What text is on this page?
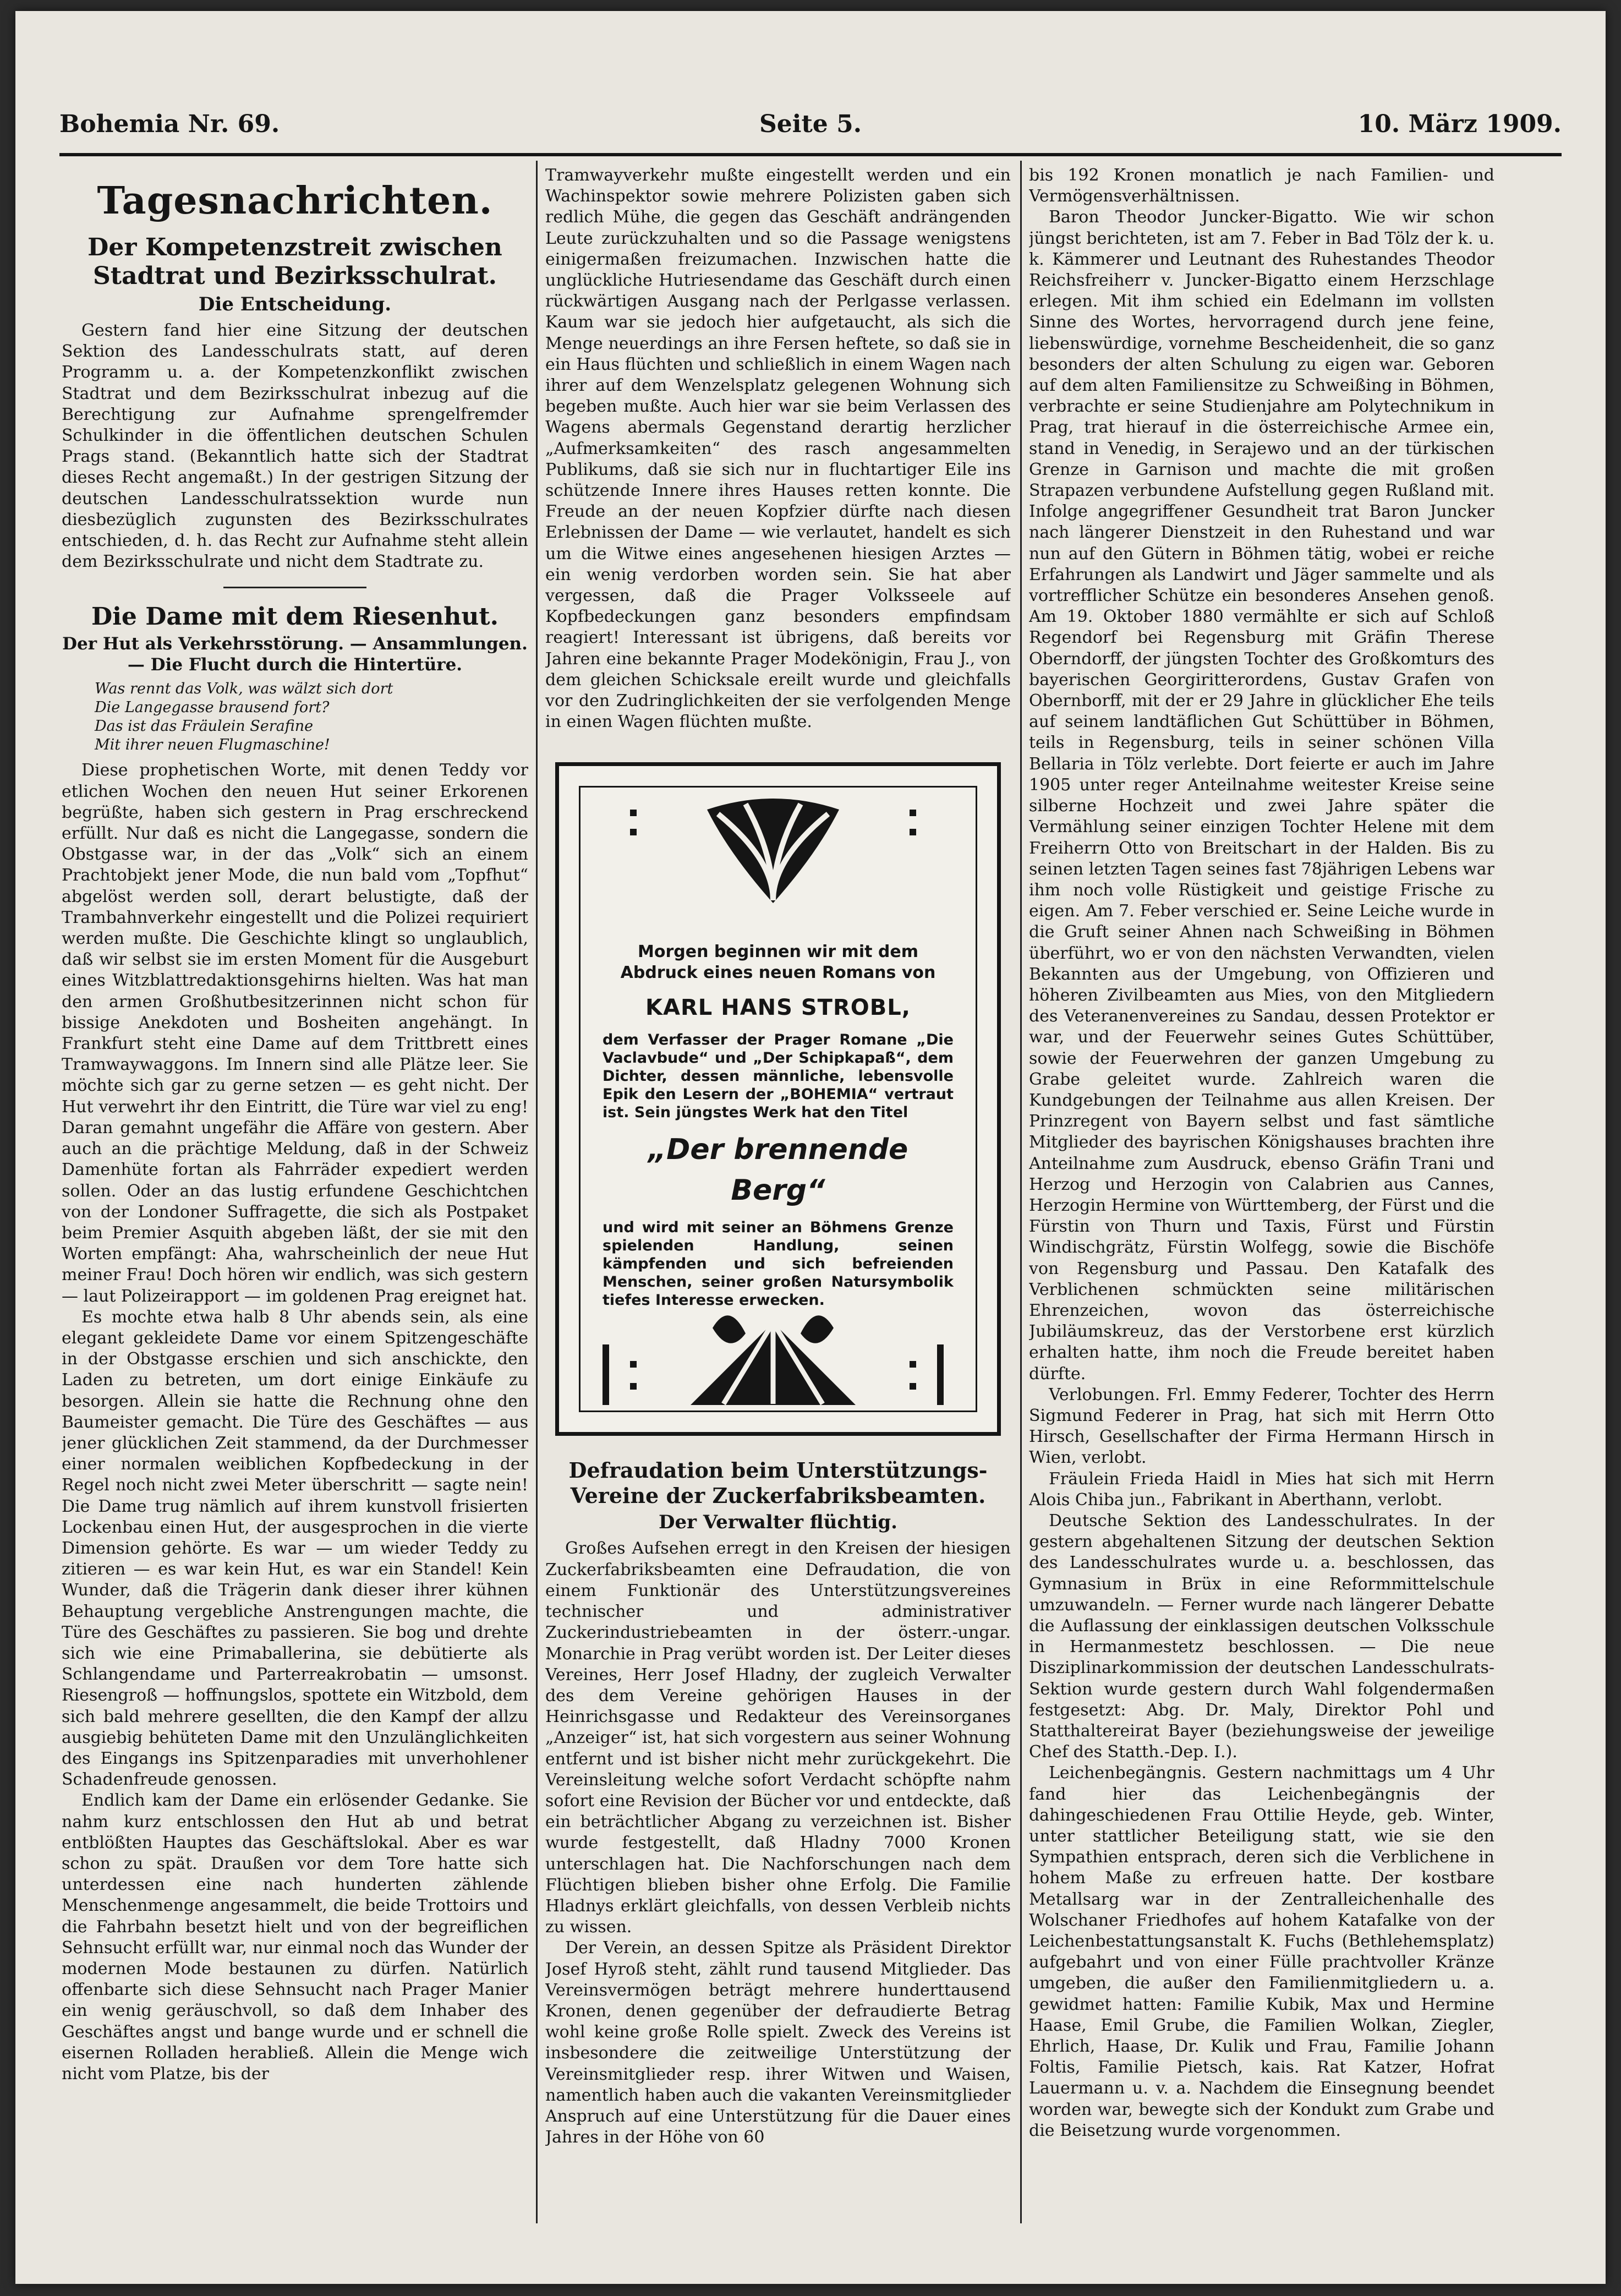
Bohemia Nr. 69.	Seite 5.	10. März 1909.
Tagesnachrichten.
Der Kompetenzstreit zwischen Stadtrat und Bezirksschulrat.
Die Entscheidung.

Gestern fand hier eine Sitzung der deutschen Sektion des Landesschulrats statt, auf deren Programm u. a. der Kompetenzkonflikt zwischen Stadtrat und dem Bezirksschulrat inbezug auf die Berechtigung zur Aufnahme sprengelfremder Schulkinder in die öffentlichen deutschen Schulen Prags stand. (Bekanntlich hatte sich der Stadtrat dieses Recht angemaßt.) In der gestrigen Sitzung der deutschen Landesschulratssektion wurde nun diesbezüglich zugunsten des Bezirksschulrates entschieden, d. h. das Recht zur Aufnahme steht allein dem Bezirksschulrate und nicht dem Stadtrate zu.

Die Dame mit dem Riesenhut.
Der Hut als Verkehrsstörung. — Ansammlungen. — Die Flucht durch die Hintertüre.
Was rennt das Volk, was wälzt sich dort
Die Langegasse brausend fort?
Das ist das Fräulein Serafine
Mit ihrer neuen Flugmaschine!

Diese prophetischen Worte, mit denen Teddy vor etlichen Wochen den neuen Hut seiner Erkorenen begrüßte, haben sich gestern in Prag erschreckend erfüllt. Nur daß es nicht die Langegasse, sondern die Obstgasse war, in der das „Volk“ sich an einem Prachtobjekt jener Mode, die nun bald vom „Topfhut“ abgelöst werden soll, derart belustigte, daß der Trambahnverkehr eingestellt und die Polizei requiriert werden mußte. Die Geschichte klingt so unglaublich, daß wir selbst sie im ersten Moment für die Ausgeburt eines Witzblattredaktionsgehirns hielten. Was hat man den armen Großhutbesitzerinnen nicht schon für bissige Anekdoten und Bosheiten angehängt. In Frankfurt steht eine Dame auf dem Trittbrett eines Tramwaywaggons. Im Innern sind alle Plätze leer. Sie möchte sich gar zu gerne setzen — es geht nicht. Der Hut verwehrt ihr den Eintritt, die Türe war viel zu eng! Daran gemahnt ungefähr die Affäre von gestern. Aber auch an die prächtige Meldung, daß in der Schweiz Damenhüte fortan als Fahrräder expediert werden sollen. Oder an das lustig erfundene Geschichtchen von der Londoner Suffragette, die sich als Postpaket beim Premier Asquith abgeben läßt, der sie mit den Worten empfängt: Aha, wahrscheinlich der neue Hut meiner Frau! Doch hören wir endlich, was sich gestern — laut Polizeirapport — im goldenen Prag ereignet hat.

Es mochte etwa halb 8 Uhr abends sein, als eine elegant gekleidete Dame vor einem Spitzengeschäfte in der Obstgasse erschien und sich anschickte, den Laden zu betreten, um dort einige Einkäufe zu besorgen. Allein sie hatte die Rechnung ohne den Baumeister gemacht. Die Türe des Geschäftes — aus jener glücklichen Zeit stammend, da der Durchmesser einer normalen weiblichen Kopfbedeckung in der Regel noch nicht zwei Meter überschritt — sagte nein! Die Dame trug nämlich auf ihrem kunstvoll frisierten Lockenbau einen Hut, der ausgesprochen in die vierte Dimension gehörte. Es war — um wieder Teddy zu zitieren — es war kein Hut, es war ein Standel! Kein Wunder, daß die Trägerin dank dieser ihrer kühnen Behauptung vergebliche Anstrengungen machte, die Türe des Geschäftes zu passieren. Sie bog und drehte sich wie eine Primaballerina, sie debütierte als Schlangendame und Parterreakrobatin — umsonst. Riesengroß — hoffnungslos, spottete ein Witzbold, dem sich bald mehrere gesellten, die den Kampf der allzu ausgiebig behüteten Dame mit den Unzulänglichkeiten des Eingangs ins Spitzenparadies mit unverhohlener Schadenfreude genossen.

Endlich kam der Dame ein erlösender Gedanke. Sie nahm kurz entschlossen den Hut ab und betrat entblößten Hauptes das Geschäftslokal. Aber es war schon zu spät. Draußen vor dem Tore hatte sich unterdessen eine nach hunderten zählende Menschenmenge angesammelt, die beide Trottoirs und die Fahrbahn besetzt hielt und von der begreiflichen Sehnsucht erfüllt war, nur einmal noch das Wunder der modernen Mode bestaunen zu dürfen. Natürlich offenbarte sich diese Sehnsucht nach Prager Manier ein wenig geräuschvoll, so daß dem Inhaber des Geschäftes angst und bange wurde und er schnell die eisernen Rolladen herabließ. Allein die Menge wich nicht vom Platze, bis der

Tramwayverkehr mußte eingestellt werden und ein Wachinspektor sowie mehrere Polizisten gaben sich redlich Mühe, die gegen das Geschäft andrängenden Leute zurückzuhalten und so die Passage wenigstens einigermaßen freizumachen. Inzwischen hatte die unglückliche Hutriesendame das Geschäft durch einen rückwärtigen Ausgang nach der Perlgasse verlassen. Kaum war sie jedoch hier aufgetaucht, als sich die Menge neuerdings an ihre Fersen heftete, so daß sie in ein Haus flüchten und schließlich in einem Wagen nach ihrer auf dem Wenzelsplatz gelegenen Wohnung sich begeben mußte. Auch hier war sie beim Verlassen des Wagens abermals Gegenstand derartig herzlicher „Aufmerksamkeiten“ des rasch angesammelten Publikums, daß sie sich nur in fluchtartiger Eile ins schützende Innere ihres Hauses retten konnte. Die Freude an der neuen Kopfzier dürfte nach diesen Erlebnissen der Dame — wie verlautet, handelt es sich um die Witwe eines angesehenen hiesigen Arztes — ein wenig verdorben worden sein. Sie hat aber vergessen, daß die Prager Volksseele auf Kopfbedeckungen ganz besonders empfindsam reagiert! Interessant ist übrigens, daß bereits vor Jahren eine bekannte Prager Modekönigin, Frau J., von dem gleichen Schicksale ereilt wurde und gleichfalls vor den Zudringlichkeiten der sie verfolgenden Menge in einen Wagen flüchten mußte.

Morgen beginnen wir mit dem Abdruck eines neuen Romans von
KARL HANS STROBL,
dem Verfasser der Prager Romane „Die Vaclavbude“ und „Der Schipkapaß“, dem Dichter, dessen männliche, lebensvolle Epik den Lesern der „BOHEMIA“ vertraut ist. Sein jüngstes Werk hat den Titel
„Der brennende Berg“
und wird mit seiner an Böhmens Grenze spielenden Handlung, seinen kämpfenden und sich befreienden Menschen, seiner großen Natursymbolik tiefes Interesse erwecken.
Defraudation beim Unterstützungs-Vereine der Zuckerfabriksbeamten.
Der Verwalter flüchtig.

Großes Aufsehen erregt in den Kreisen der hiesigen Zuckerfabriksbeamten eine Defraudation, die von einem Funktionär des Unterstützungsvereines technischer und administrativer Zuckerindustriebeamten in der österr.-ungar. Monarchie in Prag verübt worden ist. Der Leiter dieses Vereines, Herr Josef Hladny, der zugleich Verwalter des dem Vereine gehörigen Hauses in der Heinrichsgasse und Redakteur des Vereinsorganes „Anzeiger“ ist, hat sich vorgestern aus seiner Wohnung entfernt und ist bisher nicht mehr zurückgekehrt. Die Vereinsleitung welche sofort Verdacht schöpfte nahm sofort eine Revision der Bücher vor und entdeckte, daß ein beträchtlicher Abgang zu verzeichnen ist. Bisher wurde festgestellt, daß Hladny 7000 Kronen unterschlagen hat. Die Nachforschungen nach dem Flüchtigen blieben bisher ohne Erfolg. Die Familie Hladnys erklärt gleichfalls, von dessen Verbleib nichts zu wissen.

Der Verein, an dessen Spitze als Präsident Direktor Josef Hyroß steht, zählt rund tausend Mitglieder. Das Vereinsvermögen beträgt mehrere hunderttausend Kronen, denen gegenüber der defraudierte Betrag wohl keine große Rolle spielt. Zweck des Vereins ist insbesondere die zeitweilige Unterstützung der Vereinsmitglieder resp. ihrer Witwen und Waisen, namentlich haben auch die vakanten Vereinsmitglieder Anspruch auf eine Unterstützung für die Dauer eines Jahres in der Höhe von 60

bis 192 Kronen monatlich je nach Familien- und Vermögensverhältnissen.

Baron Theodor Juncker-Bigatto. Wie wir schon jüngst berichteten, ist am 7. Feber in Bad Tölz der k. u. k. Kämmerer und Leutnant des Ruhestandes Theodor Reichsfreiherr v. Juncker-Bigatto einem Herzschlage erlegen. Mit ihm schied ein Edelmann im vollsten Sinne des Wortes, hervorragend durch jene feine, liebenswürdige, vornehme Bescheidenheit, die so ganz besonders der alten Schulung zu eigen war. Geboren auf dem alten Familiensitze zu Schweißing in Böhmen, verbrachte er seine Studienjahre am Polytechnikum in Prag, trat hierauf in die österreichische Armee ein, stand in Venedig, in Serajewo und an der türkischen Grenze in Garnison und machte die mit großen Strapazen verbundene Aufstellung gegen Rußland mit. Infolge angegriffener Gesundheit trat Baron Juncker nach längerer Dienstzeit in den Ruhestand und war nun auf den Gütern in Böhmen tätig, wobei er reiche Erfahrungen als Landwirt und Jäger sammelte und als vortrefflicher Schütze ein besonderes Ansehen genoß. Am 19. Oktober 1880 vermählte er sich auf Schloß Regendorf bei Regensburg mit Gräfin Therese Oberndorff, der jüngsten Tochter des Großkomturs des bayerischen Georgiritterordens, Gustav Grafen von Obernborff, mit der er 29 Jahre in glücklicher Ehe teils auf seinem landtäflichen Gut Schüttüber in Böhmen, teils in Regensburg, teils in seiner schönen Villa Bellaria in Tölz verlebte. Dort feierte er auch im Jahre 1905 unter reger Anteilnahme weitester Kreise seine silberne Hochzeit und zwei Jahre später die Vermählung seiner einzigen Tochter Helene mit dem Freiherrn Otto von Breitschart in der Halden. Bis zu seinen letzten Tagen seines fast 78jährigen Lebens war ihm noch volle Rüstigkeit und geistige Frische zu eigen. Am 7. Feber verschied er. Seine Leiche wurde in die Gruft seiner Ahnen nach Schweißing in Böhmen überführt, wo er von den nächsten Verwandten, vielen Bekannten aus der Umgebung, von Offizieren und höheren Zivilbeamten aus Mies, von den Mitgliedern des Veteranenvereines zu Sandau, dessen Protektor er war, und der Feuerwehr seines Gutes Schüttüber, sowie der Feuerwehren der ganzen Umgebung zu Grabe geleitet wurde. Zahlreich waren die Kundgebungen der Teilnahme aus allen Kreisen. Der Prinzregent von Bayern selbst und fast sämtliche Mitglieder des bayrischen Königshauses brachten ihre Anteilnahme zum Ausdruck, ebenso Gräfin Trani und Herzog und Herzogin von Calabrien aus Cannes, Herzogin Hermine von Württemberg, der Fürst und die Fürstin von Thurn und Taxis, Fürst und Fürstin Windischgrätz, Fürstin Wolfegg, sowie die Bischöfe von Regensburg und Passau. Den Katafalk des Verblichenen schmückten seine militärischen Ehrenzeichen, wovon das österreichische Jubiläumskreuz, das der Verstorbene erst kürzlich erhalten hatte, ihm noch die Freude bereitet haben dürfte.

Verlobungen. Frl. Emmy Federer, Tochter des Herrn Sigmund Federer in Prag, hat sich mit Herrn Otto Hirsch, Gesellschafter der Firma Hermann Hirsch in Wien, verlobt.

Fräulein Frieda Haidl in Mies hat sich mit Herrn Alois Chiba jun., Fabrikant in Aberthann, verlobt.

Deutsche Sektion des Landesschulrates. In der gestern abgehaltenen Sitzung der deutschen Sektion des Landesschulrates wurde u. a. beschlossen, das Gymnasium in Brüx in eine Reformmittelschule umzuwandeln. — Ferner wurde nach längerer Debatte die Auflassung der einklassigen deutschen Volksschule in Hermanmestetz beschlossen. — Die neue Disziplinarkommission der deutschen Landesschulrats-Sektion wurde gestern durch Wahl folgendermaßen festgesetzt: Abg. Dr. Maly, Direktor Pohl und Statthaltereirat Bayer (beziehungsweise der jeweilige Chef des Statth.-Dep. I.).

Leichenbegängnis. Gestern nachmittags um 4 Uhr fand hier das Leichenbegängnis der dahingeschiedenen Frau Ottilie Heyde, geb. Winter, unter stattlicher Beteiligung statt, wie sie den Sympathien entsprach, deren sich die Verblichene in hohem Maße zu erfreuen hatte. Der kostbare Metallsarg war in der Zentralleichenhalle des Wolschaner Friedhofes auf hohem Katafalke von der Leichenbestattungsanstalt K. Fuchs (Bethlehemsplatz) aufgebahrt und von einer Fülle prachtvoller Kränze umgeben, die außer den Familienmitgliedern u. a. gewidmet hatten: Familie Kubik, Max und Hermine Haase, Emil Grube, die Familien Wolkan, Ziegler, Ehrlich, Haase, Dr. Kulik und Frau, Familie Johann Foltis, Familie Pietsch, kais. Rat Katzer, Hofrat Lauermann u. v. a. Nachdem die Einsegnung beendet worden war, bewegte sich der Kondukt zum Grabe und die Beisetzung wurde vorgenommen.
